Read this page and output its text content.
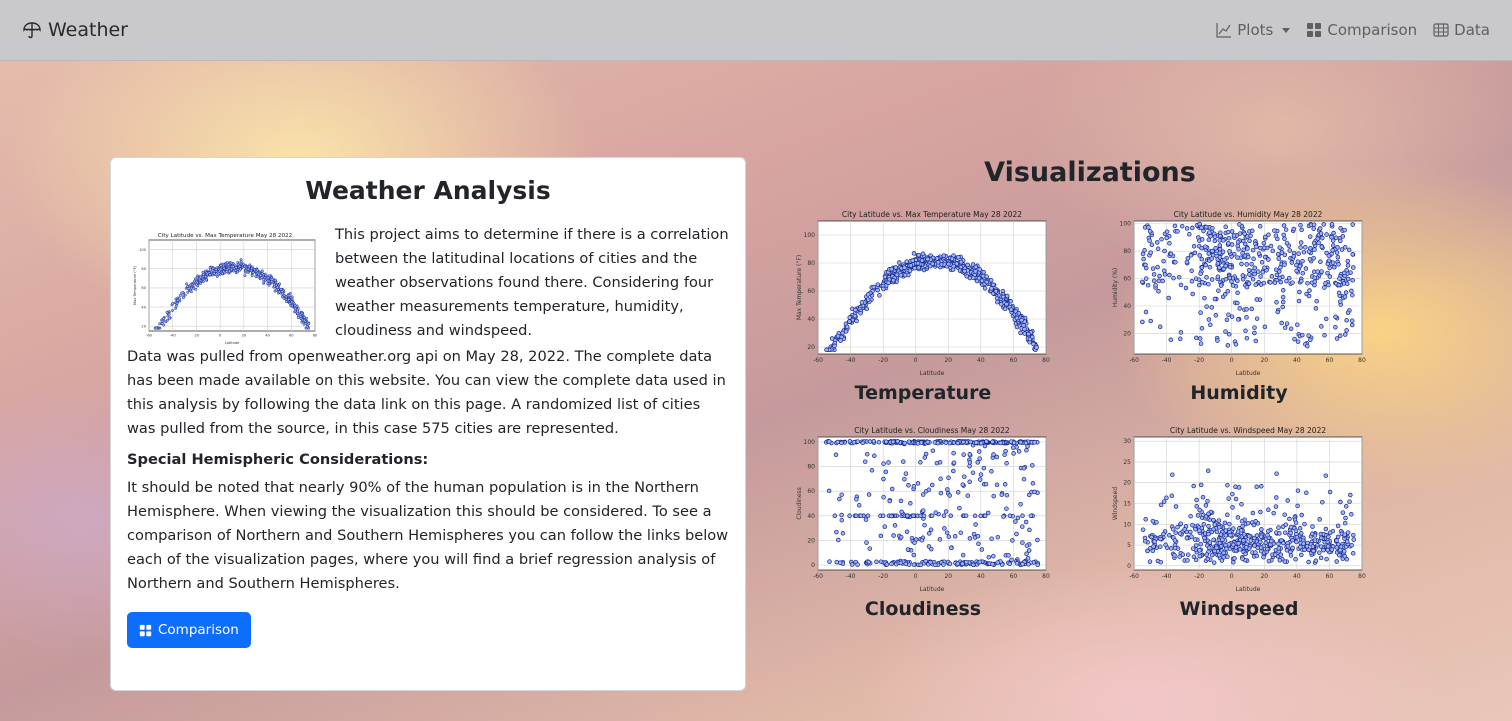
Weather	Plots	Comparison Data
Weather Analysis
City Latitude vs. Max Temperature May 28 2022
-60	-40	-20	0	20	40	60	80
20
40
60
80
100
Latitude
Max Temperature (°F)
This project aims to determine if there is a correlation between the latitudinal locations of cities and the weather observations found there. Considering four weather measurements temperature, humidity, cloudiness and windspeed.
Data was pulled from openweather.org api on May 28, 2022. The complete data has been made available on this website. You can view the complete data used in this analysis by following the data link on this page. A randomized list of cities was pulled from the source, in this case 575 cities are represented.
Special Hemispheric Considerations:
It should be noted that nearly 90% of the human population is in the Northern Hemisphere. When viewing the visualization this should be considered. To see a comparison of Northern and Southern Hemispheres you can follow the links below each of the visualization pages, where you will find a brief regression analysis of Northern and Southern Hemispheres.
Comparison
Visualizations
City Latitude vs. Max Temperature May 28 2022
-60	-40	-20	0	20	40	60	80
20
40
60
80
100
Latitude
Max Temperature (°F)
Temperature
City Latitude vs. Humidity May 28 2022
-60	-40	-20	0	20	40	60	80
20
40
60
80
100
Latitude
Humidity (%)
Humidity
City Latitude vs. Cloudiness May 28 2022
-60	-40	-20	0	20	40	60	80
0
20
40
60
80
100
Latitude
Cloudiness
Cloudiness
City Latitude vs. Windspeed May 28 2022
-60	-40	-20	0	20	40	60	80
0
5
10
15
20
25
30
Latitude
Windspeed
Windspeed
